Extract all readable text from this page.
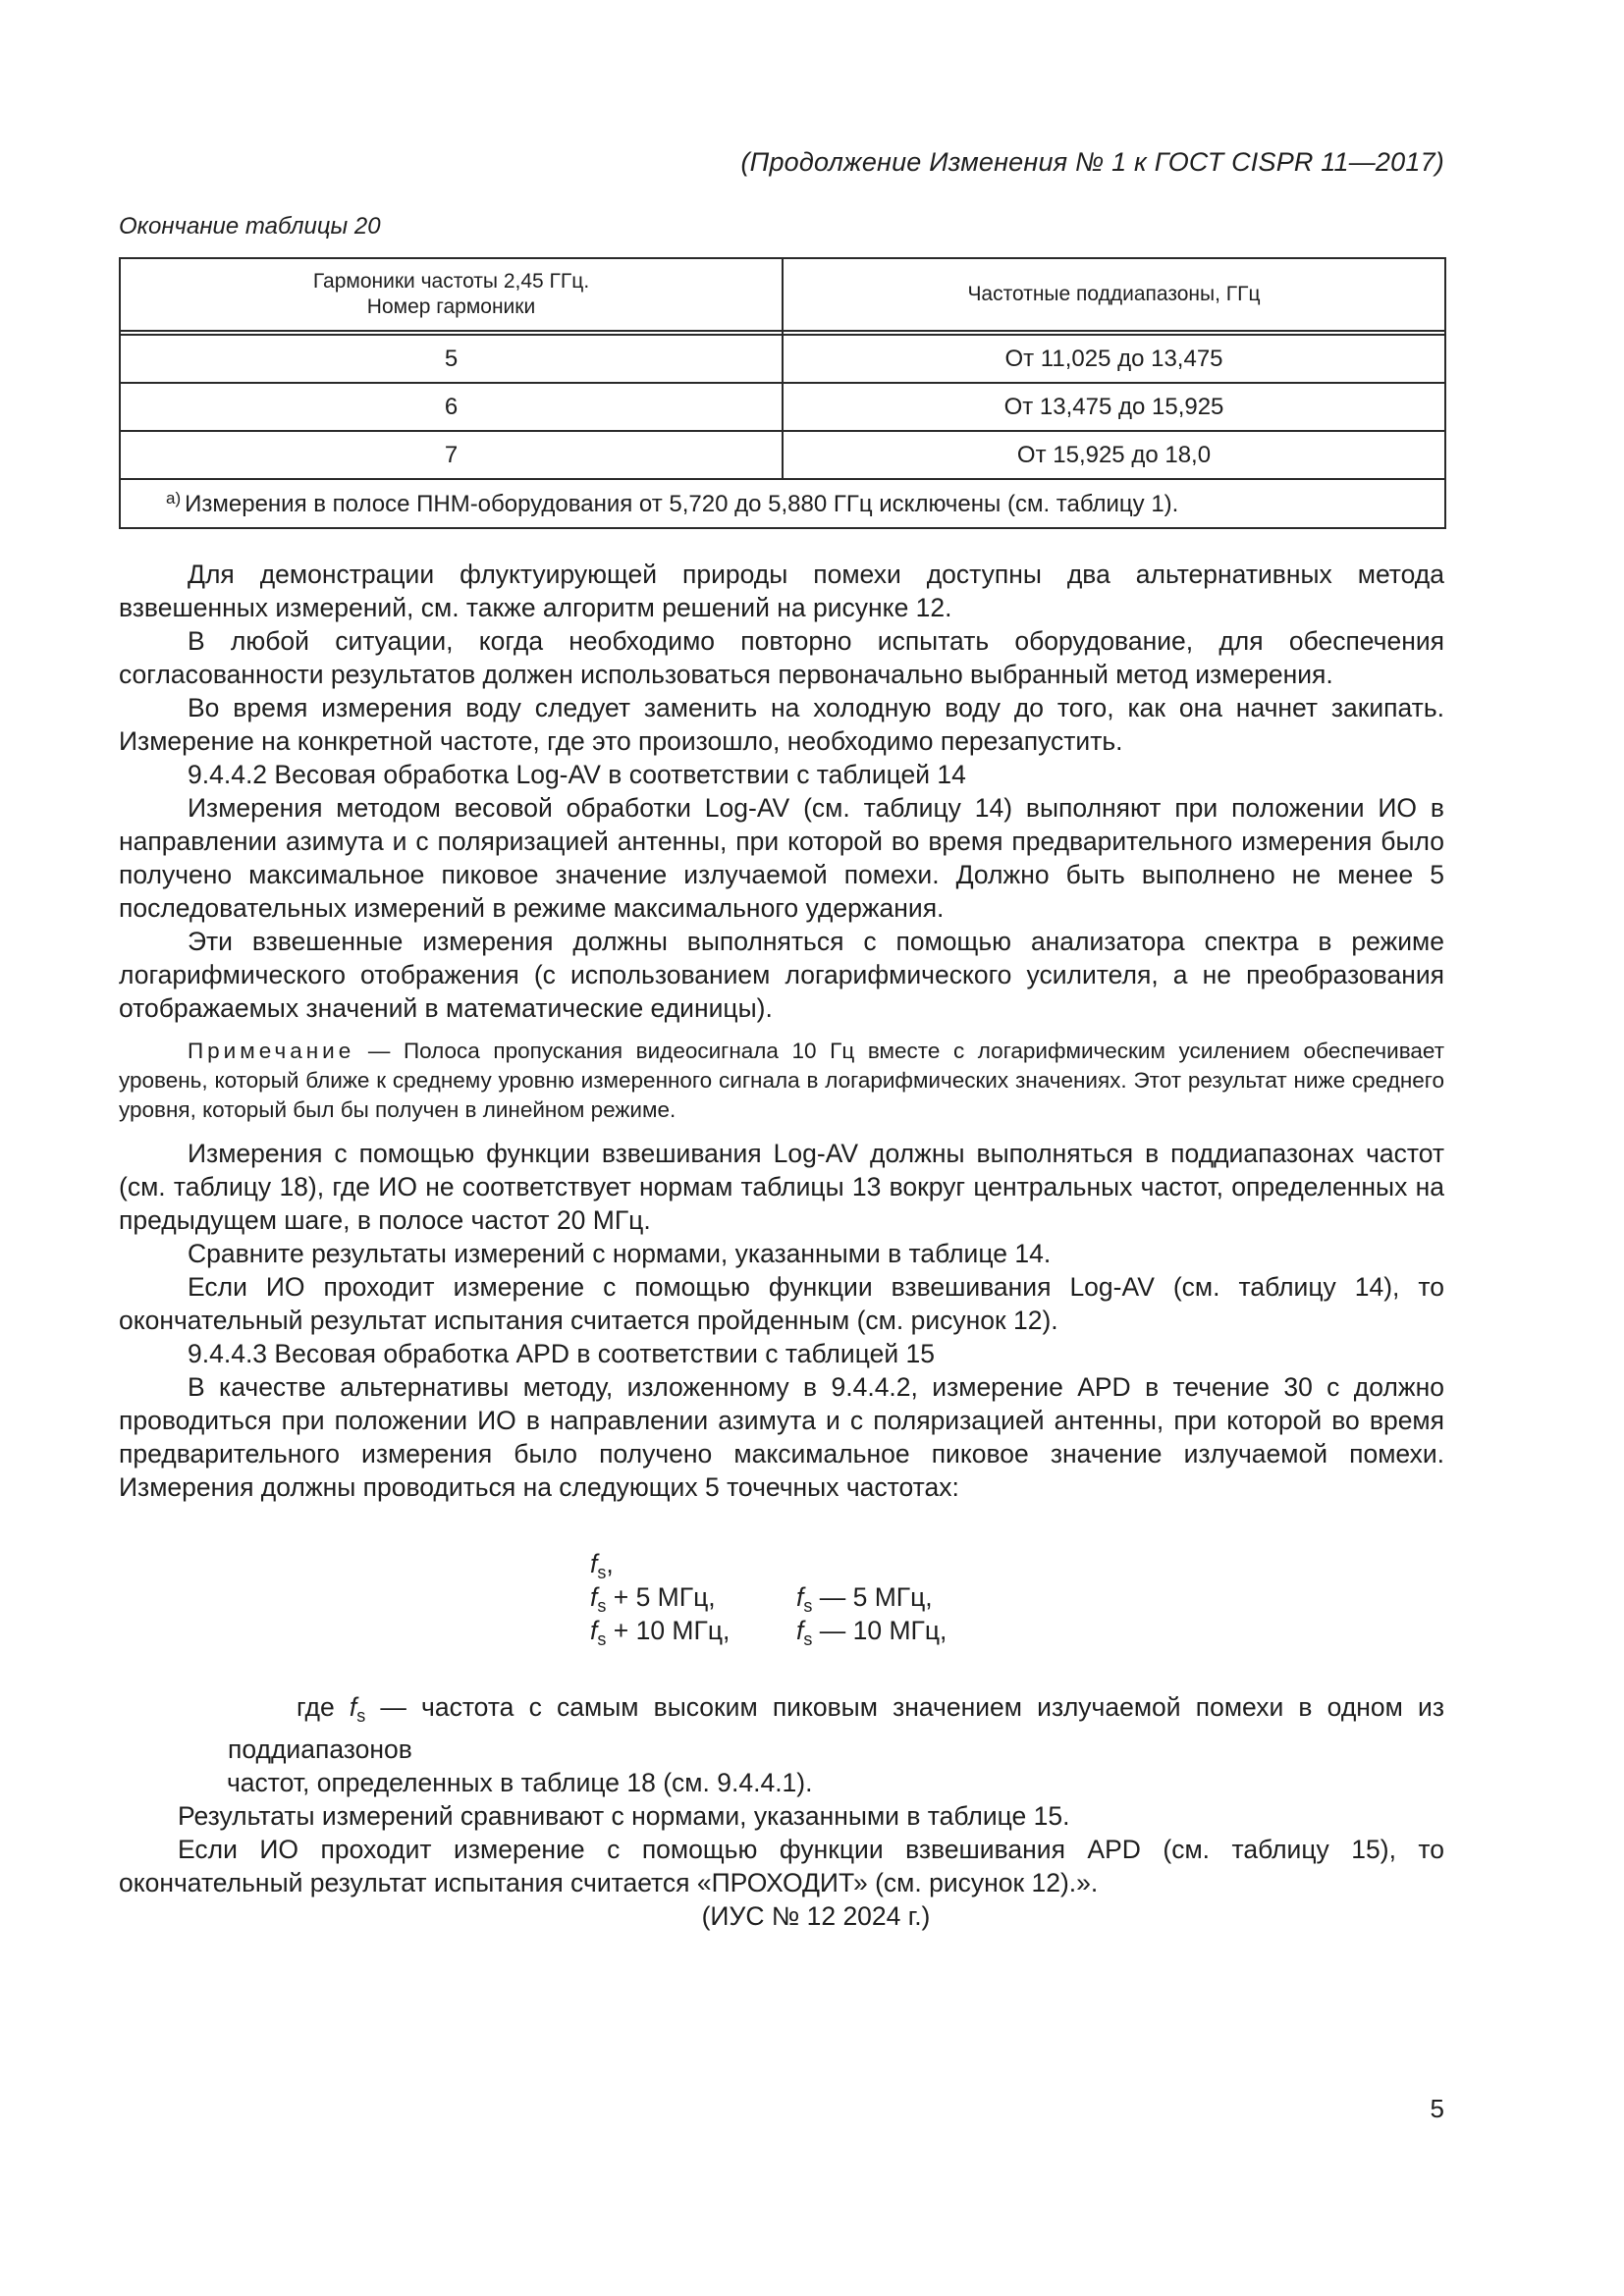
(Продолжение Изменения № 1 к ГОСТ CISPR 11—2017)
Окончание таблицы 20
Гармоники частоты 2,45 ГГц.
Номер гармоники	Частотные поддиапазоны, ГГц

5	От 11,025 до 13,475
6	От 13,475 до 15,925
7	От 15,925 до 18,0
$^{а)}$ Измерения в полосе ПНМ-оборудования от 5,720 до 5,880 ГГц исключены (см. таблицу 1).	

Для демонстрации флуктуирующей природы помехи доступны два альтернативных метода взвешенных измерений, см. также алгоритм решений на рисунке 12.

В любой ситуации, когда необходимо повторно испытать оборудование, для обеспечения согласованности результатов должен использоваться первоначально выбранный метод измерения.

Во время измерения воду следует заменить на холодную воду до того, как она начнет закипать. Измерение на конкретной частоте, где это произошло, необходимо перезапустить.

9.4.4.2 Весовая обработка Log-AV в соответствии с таблицей 14

Измерения методом весовой обработки Log-AV (см. таблицу 14) выполняют при положении ИО в направлении азимута и с поляризацией антенны, при которой во время предварительного измерения было получено максимальное пиковое значение излучаемой помехи. Должно быть выполнено не менее 5 последовательных измерений в режиме максимального удержания.

Эти взвешенные измерения должны выполняться с помощью анализатора спектра в режиме логарифмического отображения (с использованием логарифмического усилителя, а не преобразования отображаемых значений в математические единицы).

Примечание — Полоса пропускания видеосигнала 10 Гц вместе с логарифмическим усилением обеспечивает уровень, который ближе к среднему уровню измеренного сигнала в логарифмических значениях. Этот результат ниже среднего уровня, который был бы получен в линейном режиме.

Измерения с помощью функции взвешивания Log-AV должны выполняться в поддиапазонах частот (см. таблицу 18), где ИО не соответствует нормам таблицы 13 вокруг центральных частот, определенных на предыдущем шаге, в полосе частот 20 МГц.

Сравните результаты измерений с нормами, указанными в таблице 14.

Если ИО проходит измерение с помощью функции взвешивания Log-AV (см. таблицу 14), то окончательный результат испытания считается пройденным (см. рисунок 12).

9.4.4.3 Весовая обработка APD в соответствии с таблицей 15

В качестве альтернативы методу, изложенному в 9.4.4.2, измерение APD в течение 30 с должно проводиться при положении ИО в направлении азимута и с поляризацией антенны, при которой во время предварительного измерения было получено максимальное пиковое значение излучаемой помехи. Измерения должны проводиться на следующих 5 точечных частотах:

$f_s$,
$f_s + 5$ МГц,	$f_s$ — 5 МГц,
$f_s + 10$ МГц,	$f_s$ — 10 МГц,

где $f_s$ — частота с самым высоким пиковым значением излучаемой помехи в одном из поддиапазонов

частот, определенных в таблице 18 (см. 9.4.4.1).

Результаты измерений сравнивают с нормами, указанными в таблице 15.

Если ИО проходит измерение с помощью функции взвешивания APD (см. таблицу 15), то окончательный результат испытания считается «ПРОХОДИТ» (см. рисунок 12).».

(ИУС № 12 2024 г.)

5
